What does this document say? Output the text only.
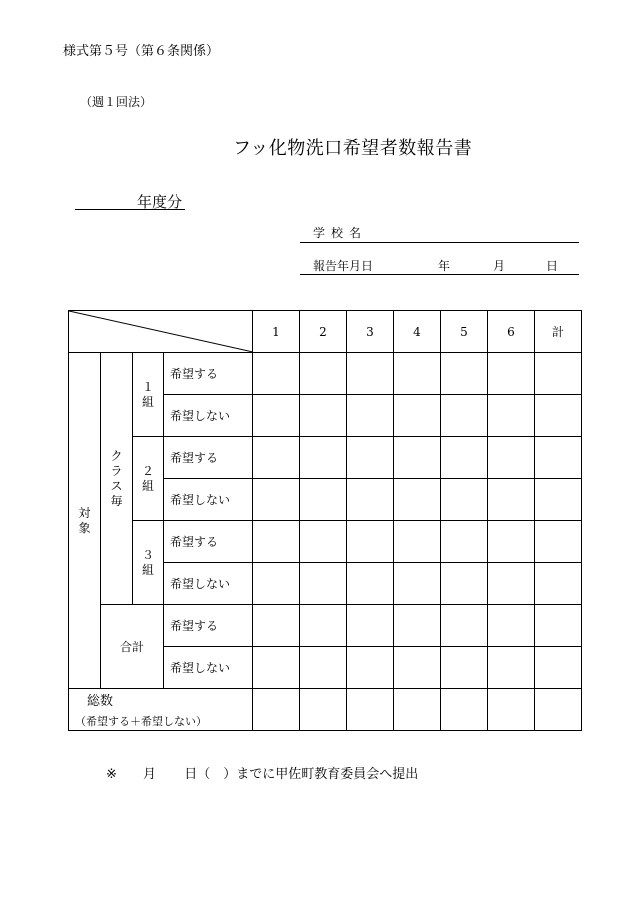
様式第５号（第６条関係）
（週１回法）
フッ化物洗口希望者数報告書
年度分
学校名
報告年月日	年	月	日
	1	2	3	4	5	6	計
対象	クラス毎	１組	希望する							
			希望しない							
		２組	希望する							
			希望しない							
		３組	希望する							
			希望しない							
	合計		希望する							
			希望しない							

総数
（希望する＋希望しない）										

※ 月 日（　）までに甲佐町教育委員会へ提出
